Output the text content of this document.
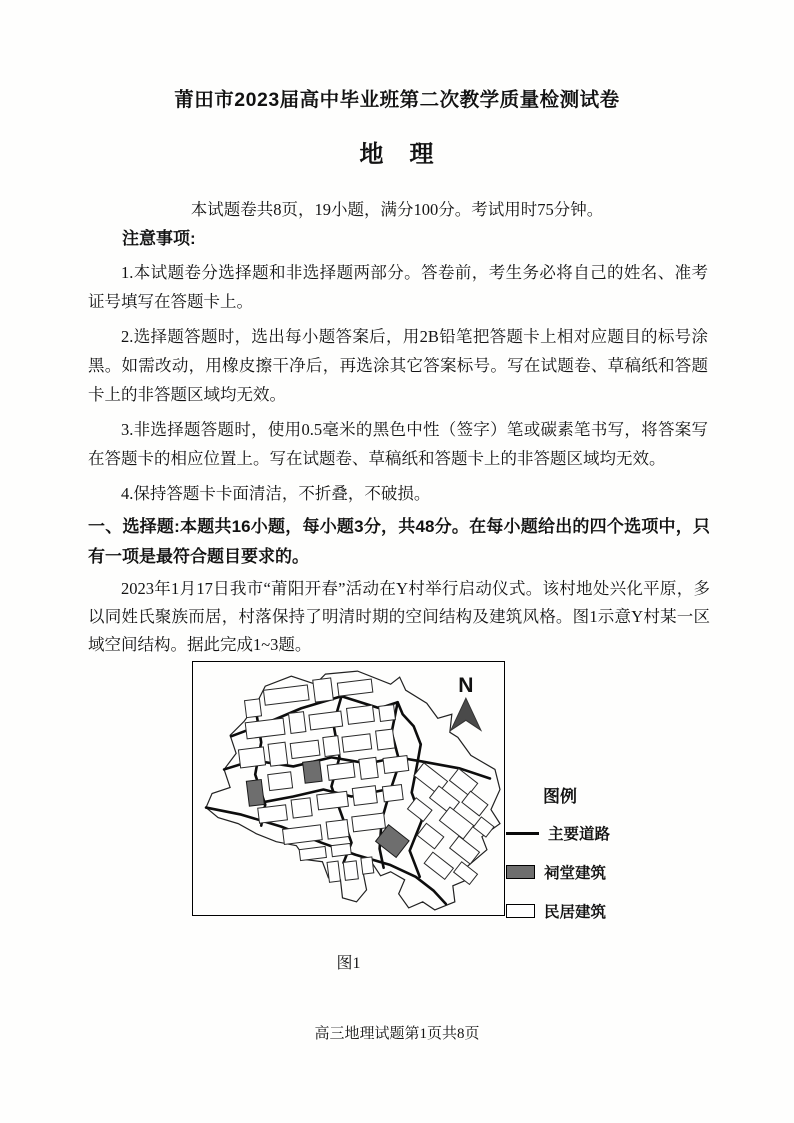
莆田市2023届高中毕业班第二次教学质量检测试卷
地　理

本试题卷共8页，19小题，满分100分。考试用时75分钟。

注意事项:

1.本试题卷分选择题和非选择题两部分。答卷前，考生务必将自己的姓名、准考证号填写在答题卡上。

2.选择题答题时，选出每小题答案后，用2B铅笔把答题卡上相对应题目的标号涂黑。如需改动，用橡皮擦干净后，再选涂其它答案标号。写在试题卷、草稿纸和答题卡上的非答题区域均无效。

3.非选择题答题时，使用0.5毫米的黑色中性（签字）笔或碳素笔书写，将答案写在答题卡的相应位置上。写在试题卷、草稿纸和答题卡上的非答题区域均无效。

4.保持答题卡卡面清洁，不折叠，不破损。

一、选择题:本题共16小题，每小题3分，共48分。在每小题给出的四个选项中，只有一项是最符合题目要求的。

2023年1月17日我市“莆阳开春”活动在Y村举行启动仪式。该村地处兴化平原，多以同姓氏聚族而居，村落保持了明清时期的空间结构及建筑风格。图1示意Y村某一区域空间结构。据此完成1~3题。

N

图例

主要道路
祠堂建筑
民居建筑

图1

高三地理试题第1页共8页
